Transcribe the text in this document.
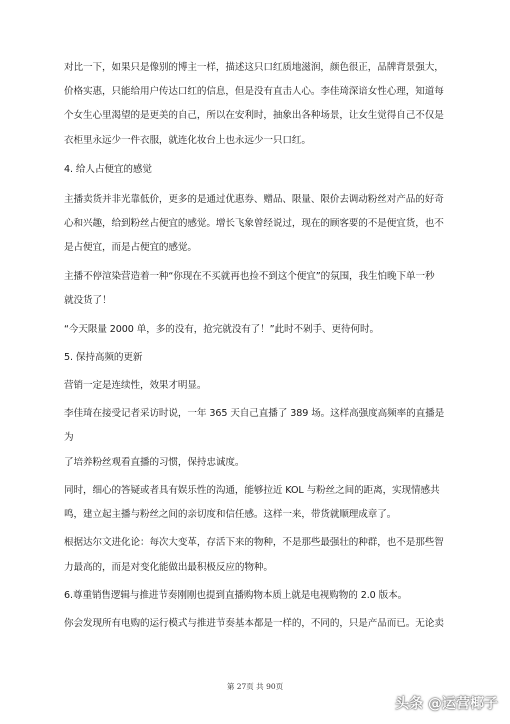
对比一下，如果只是像别的博主一样，描述这只口红质地滋润，颜色很正，品牌背景强大，
价格实惠，只能给用户传达口红的信息，但是没有直击人心。李佳琦深谙女性心理，知道每
个女生心里渴望的是更美的自己，所以在安利时，抽象出各种场景，让女生觉得自己不仅是
衣柜里永远少一件衣服，就连化妆台上也永远少一只口红。
4. 给人占便宜的感觉
主播卖货并非光靠低价，更多的是通过优惠券、赠品、限量、限价去调动粉丝对产品的好奇
心和兴趣，给到粉丝占便宜的感觉。增长飞象曾经说过，现在的顾客要的不是便宜货，也不
是占便宜，而是占便宜的感觉。
主播不停渲染营造着一种“你现在不买就再也捡不到这个便宜”的氛围，我生怕晚下单一秒
就没货了！
“今天限量 2000 单，多的没有，抢完就没有了！”此时不剁手、更待何时。
5. 保持高频的更新
营销一定是连续性，效果才明显。
李佳琦在接受记者采访时说，一年 365 天自己直播了 389 场。这样高强度高频率的直播是
为
了培养粉丝观看直播的习惯，保持忠诚度。
同时，细心的答疑或者具有娱乐性的沟通，能够拉近 KOL 与粉丝之间的距离，实现情感共
鸣，建立起主播与粉丝之间的亲切度和信任感。这样一来，带货就顺理成章了。
根据达尔文进化论：每次大变革，存活下来的物种，不是那些最强壮的种群，也不是那些智
力最高的，而是对变化能做出最积极反应的物种。
6.尊重销售逻辑与推进节奏刚刚也提到直播购物本质上就是电视购物的 2.0 版本。
你会发现所有电购的运行模式与推进节奏基本都是一样的，不同的，只是产品而已。无论卖
第 27页 共 90页
头条 @运营椰子
